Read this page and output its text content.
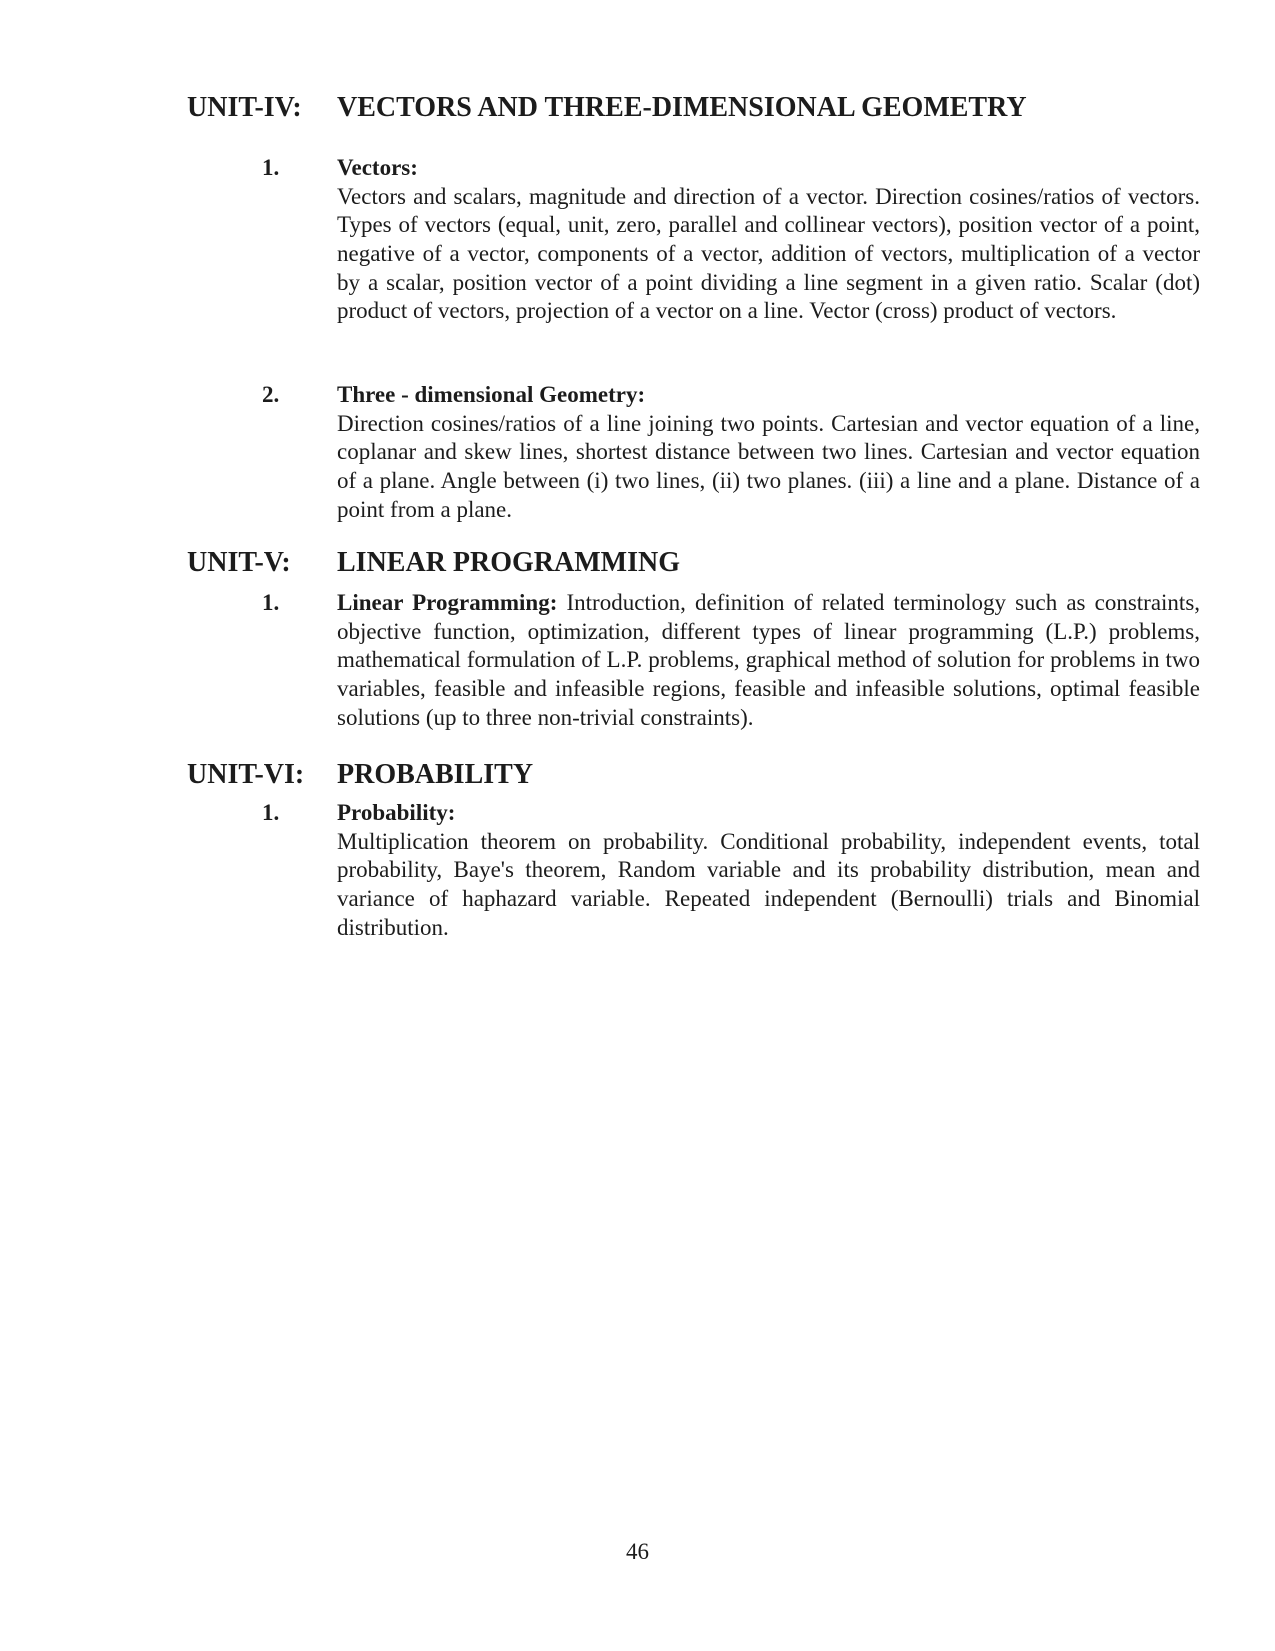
UNIT-IV: VECTORS AND THREE-DIMENSIONAL GEOMETRY
1.	Vectors:
Vectors and scalars, magnitude and direction of a vector. Direction cosines/ratios of vectors. Types of vectors (equal, unit, zero, parallel and collinear vectors), position vector of a point, negative of a vector, components of a vector, addition of vectors, multiplication of a vector by a scalar, position vector of a point dividing a line segment in a given ratio. Scalar (dot) product of vectors, projection of a vector on a line. Vector (cross) product of vectors.
2.	Three - dimensional Geometry:
Direction cosines/ratios of a line joining two points. Cartesian and vector equation of a line, coplanar and skew lines, shortest distance between two lines. Cartesian and vector equation of a plane. Angle between (i) two lines, (ii) two planes. (iii) a line and a plane. Distance of a point from a plane.
UNIT-V: LINEAR PROGRAMMING
1.	Linear Programming: Introduction, definition of related terminology such as constraints, objective function, optimization, different types of linear programming (L.P.) problems, mathematical formulation of L.P. problems, graphical method of solution for problems in two variables, feasible and infeasible regions, feasible and infeasible solutions, optimal feasible solutions (up to three non-trivial constraints).
UNIT-VI: PROBABILITY
1.	Probability:
Multiplication theorem on probability. Conditional probability, independent events, total probability, Baye's theorem, Random variable and its probability distribution, mean and variance of haphazard variable. Repeated independent (Bernoulli) trials and Binomial distribution.
46
